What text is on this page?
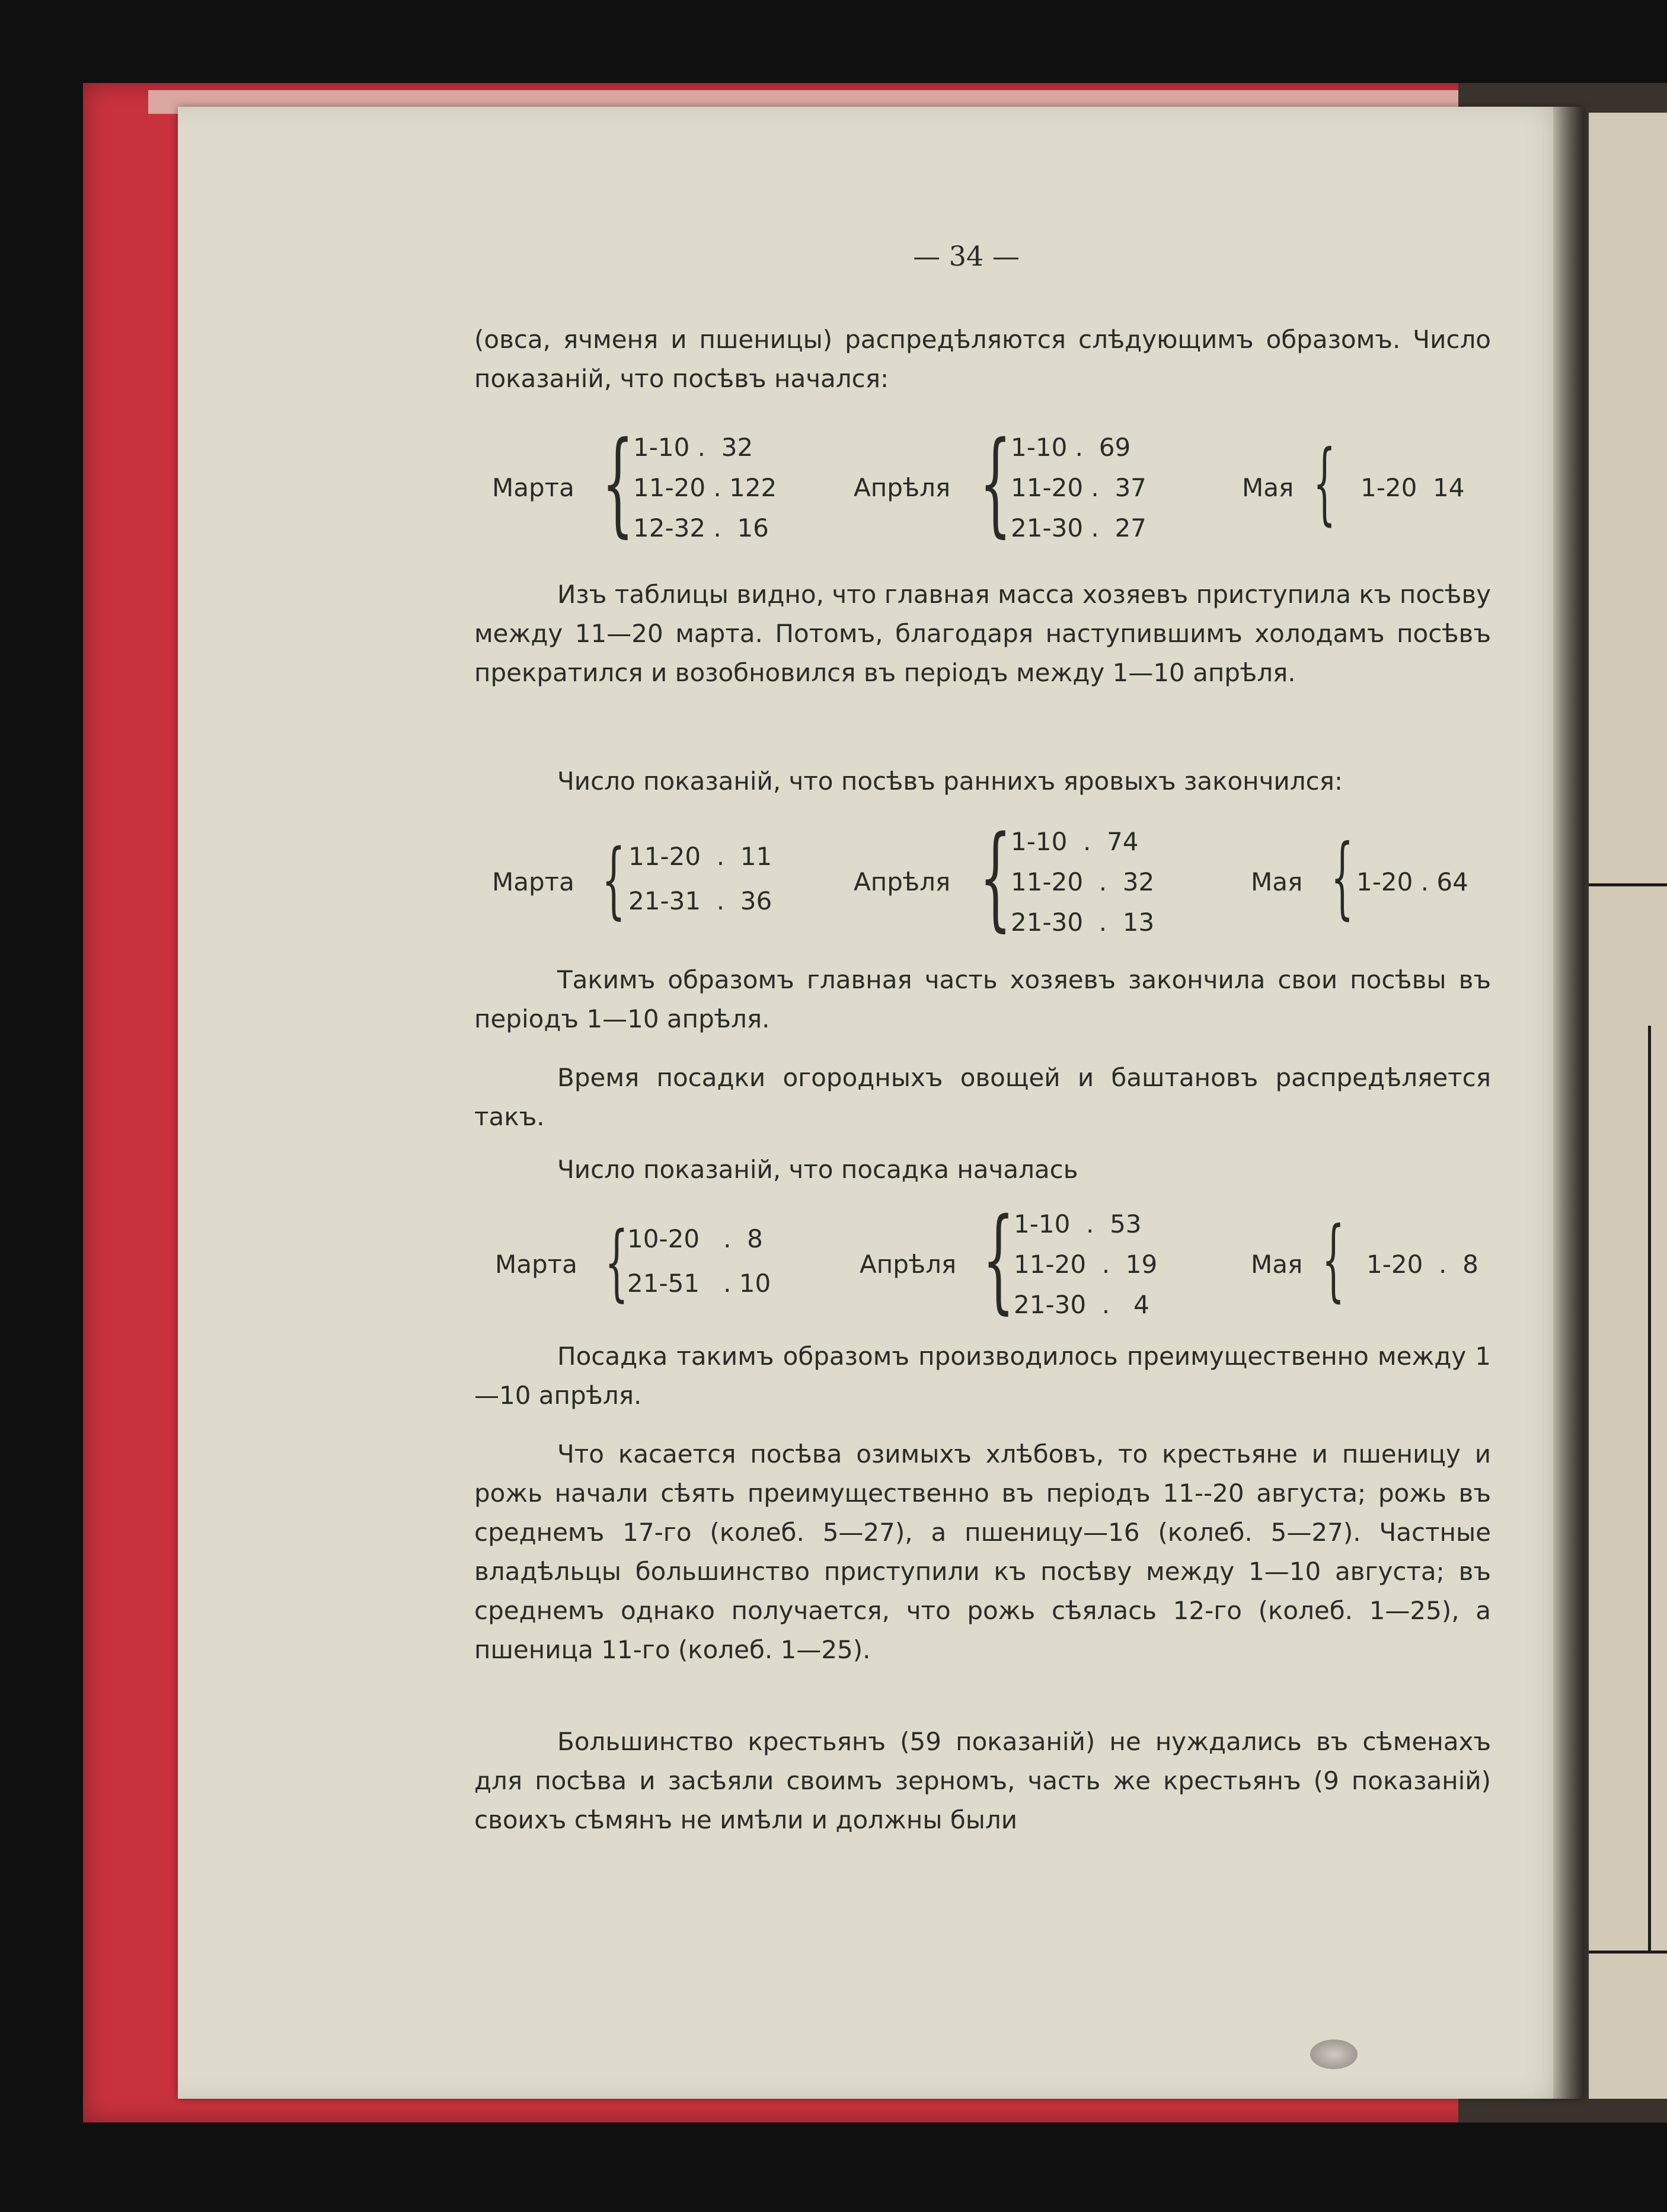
— 34 —

(овса, ячменя и пшеницы) распредѣляются слѣдующимъ образомъ. Число показаній, что посѣвъ начался:

Марта {
1-10 .  32
11-20 . 122
12-32 .  16
Апрѣля {
1-10 .  69
11-20 .  37
21-30 .  27
Мая { 1-20  14

Изъ таблицы видно, что главная масса хозяевъ приступила къ посѣву между 11—20 марта. Потомъ, благодаря наступившимъ холодамъ посѣвъ прекратился и возобновился въ періодъ между 1—10 апрѣля.

Число показаній, что посѣвъ раннихъ яровыхъ закончился:

Марта { 11-20  .  11
21-31  .  36
Апрѣля {
1-10  .  74
11-20  .  32
21-30  .  13
Мая { 1-20 . 64

Такимъ образомъ главная часть хозяевъ закончила свои посѣвы въ періодъ 1—10 апрѣля.

Время посадки огородныхъ овощей и баштановъ распредѣляется такъ.

Число показаній, что посадка началась

Марта {
10-20   .  8
21-51   . 10
Апрѣля {
1-10  .  53
11-20  .  19
21-30  .   4
Мая { 1-20  .  8

Посадка такимъ образомъ производилось преимущественно между 1—10 апрѣля.

Что касается посѣва озимыхъ хлѣбовъ, то крестьяне и пшеницу и рожь начали сѣять преимущественно въ періодъ 11--20 августа; рожь въ среднемъ 17-го (колеб. 5—27), а пшеницу—16 (колеб. 5—27). Частные владѣльцы большинство приступили къ посѣву между 1—10 августа; въ среднемъ однако получается, что рожь сѣялась 12-го (колеб. 1—25), а пшеница 11-го (колеб. 1—25).

Большинство крестьянъ (59 показаній) не нуждались въ сѣменахъ для посѣва и засѣяли своимъ зерномъ, часть же крестьянъ (9 показаній) своихъ сѣмянъ не имѣли и должны были
